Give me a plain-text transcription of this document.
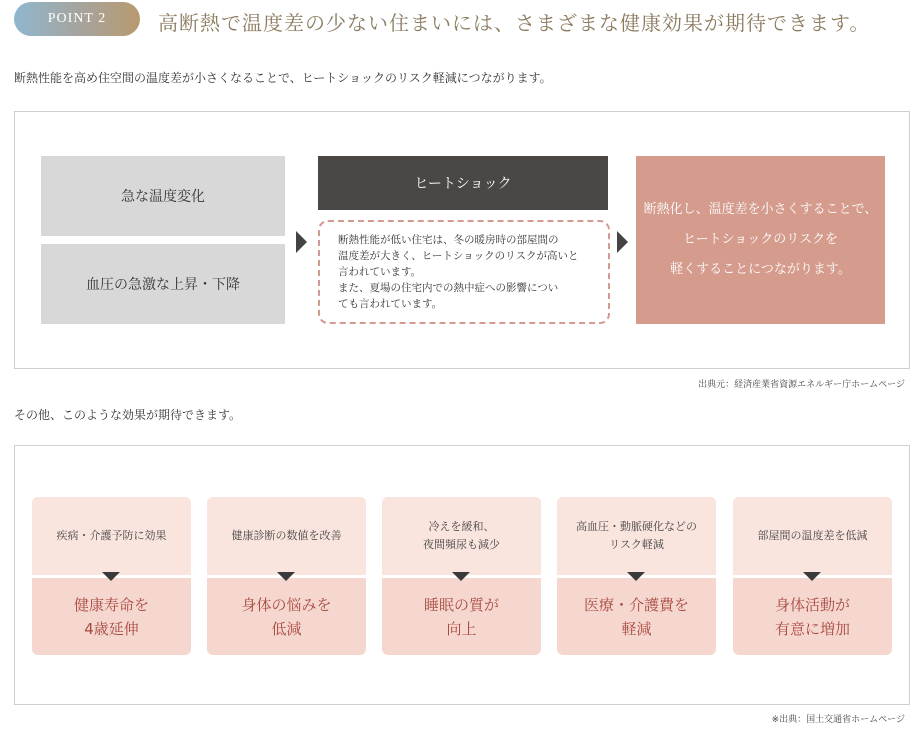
POINT 2	高断熱で温度差の少ない住まいには、さまざまな健康効果が期待できます。
断熱性能を高め住空間の温度差が小さくなることで、ヒートショックのリスク軽減につながります。
急な温度変化
血圧の急激な上昇・下降
ヒートショック
断熱性能が低い住宅は、冬の暖房時の部屋間の
温度差が大きく、ヒートショックのリスクが高いと
言われています。
また、夏場の住宅内での熱中症への影響につい
ても言われています。
断熱化し、温度差を小さくすることで、
ヒートショックのリスクを
軽くすることにつながります。
出典元：経済産業省資源エネルギー庁ホームページ
その他、このような効果が期待できます。
疾病・介護予防に効果
健康寿命を
4歳延伸
健康診断の数値を改善
身体の悩みを
低減
冷えを緩和、
夜間頻尿も減少
睡眠の質が
向上
高血圧・動脈硬化などの
リスク軽減
医療・介護費を
軽減
部屋間の温度差を低減
身体活動が
有意に増加
※出典：国土交通省ホームページ
